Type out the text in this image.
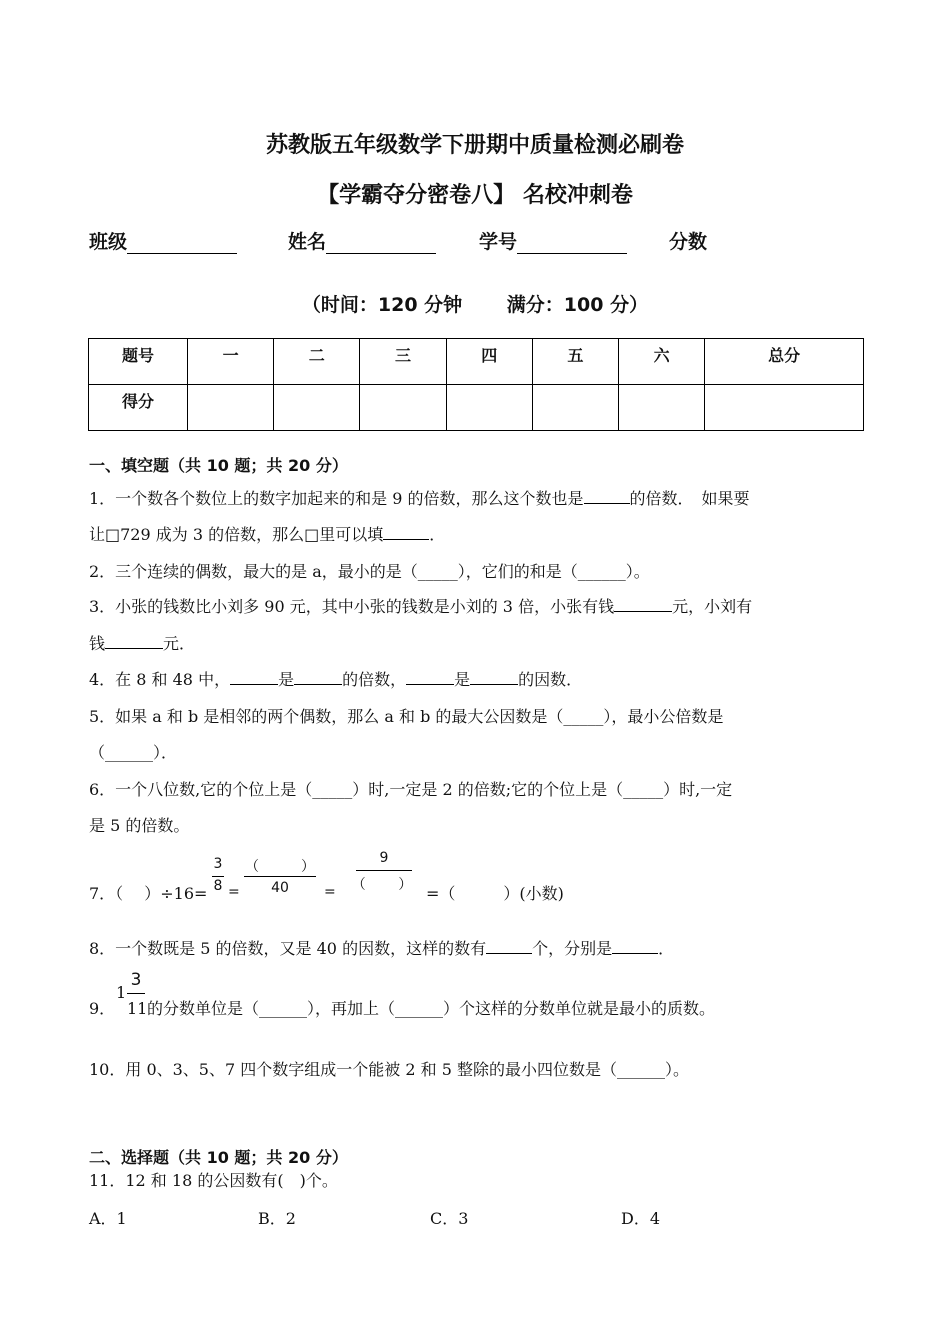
苏教版五年级数学下册期中质量检测必刷卷
【学霸夺分密卷八】 名校冲刺卷
班级	姓名	学号	分数
（时间：120 分钟　　 满分：100 分）
题号	一	二	三	四	五	六	总分
得分							
一、填空题（共 10 题；共 20 分）
1．一个数各个数位上的数字加起来的和是 9 的倍数，那么这个数也是	的倍数．　如果要
让□729 成为 3 的倍数，那么□里可以填	．
2．三个连续的偶数，最大的是 a，最小的是（_____），它们的和是（______）。
3．小张的钱数比小刘多 90 元，其中小张的钱数是小刘的 3 倍，小张有钱	元，小刘有
钱	元．
4．在 8 和 48 中，	是	的倍数，	是	的因数．
5．如果 a 和 b 是相邻的两个偶数，那么 a 和 b 的最大公因数是（_____），最小公倍数是
（______）．
6．一个八位数,它的个位上是（_____）时,一定是 2 的倍数;它的个位上是（_____）时,一定
是 5 的倍数。
7．（　 ）÷16=
3
8 =
（　　　）
40	=
9
（　　 ） =（　　　）(小数)
8．一个数既是 5 的倍数，又是 40 的因数，这样的数有	个，分别是	．
9．
1
3
11 的分数单位是（______），再加上（______）个这样的分数单位就是最小的质数。
10．用 0、3、5、7 四个数字组成一个能被 2 和 5 整除的最小四位数是（______）。
二、选择题（共 10 题；共 20 分）
11．12 和 18 的公因数有(　)个。
A．1	B．2	C．3	D．4
